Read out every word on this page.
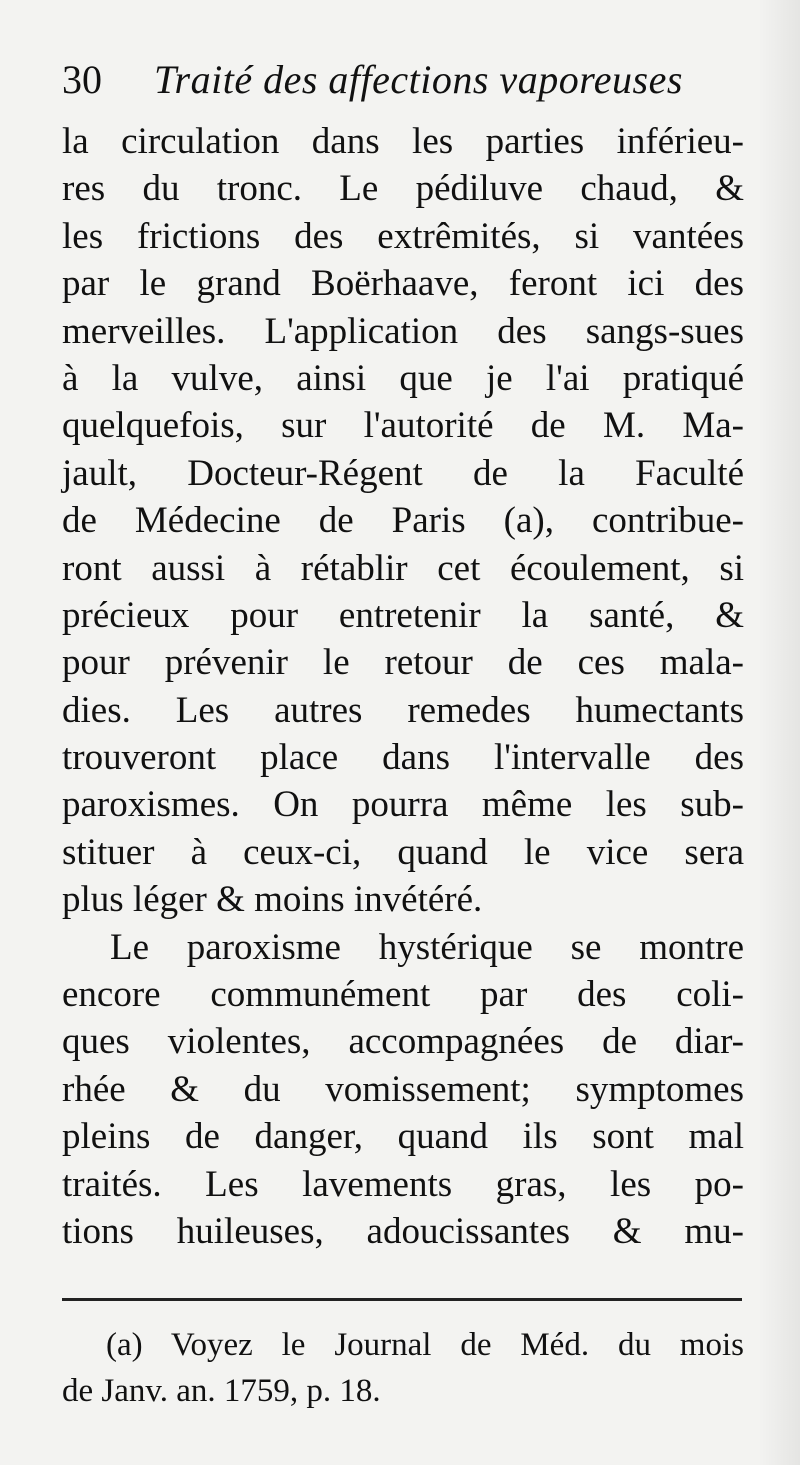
30 Traité des affections vaporeuses
la circulation dans les parties inférieu-
res du tronc. Le pédiluve chaud, &
les frictions des extrêmités, si vantées
par le grand Boërhaave, feront ici des
merveilles. L'application des sangs-sues
à la vulve, ainsi que je l'ai pratiqué
quelquefois, sur l'autorité de M. Ma-
jault, Docteur-Régent de la Faculté
de Médecine de Paris (a), contribue-
ront aussi à rétablir cet écoulement, si
précieux pour entretenir la santé, &
pour prévenir le retour de ces mala-
dies. Les autres remedes humectants
trouveront place dans l'intervalle des
paroxismes. On pourra même les sub-
stituer à ceux-ci, quand le vice sera
plus léger & moins invétéré.
Le paroxisme hystérique se montre
encore communément par des coli-
ques violentes, accompagnées de diar-
rhée & du vomissement; symptomes
pleins de danger, quand ils sont mal
traités. Les lavements gras, les po-
tions huileuses, adoucissantes & mu-
(a) Voyez le Journal de Méd. du mois
de Janv. an. 1759, p. 18.
